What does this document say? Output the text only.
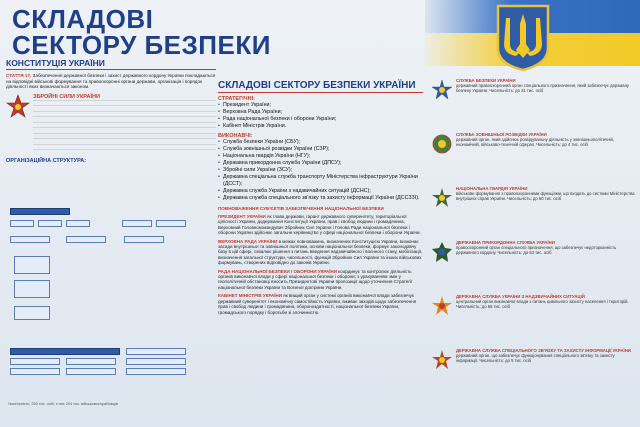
СКЛАДОВІ
СЕКТОРУ БЕЗПЕКИ
КОНСТИТУЦІЯ УКРАЇНИ
СТАТТЯ 17. Забезпечення державної безпеки і захист державного кордону України покладаються на відповідні військові формування та правоохоронні органи держави, організація і порядок діяльності яких визначаються законом.
ЗБРОЙНІ СИЛИ УКРАЇНИ
ОРГАНІЗАЦІЙНА СТРУКТУРА:
Чисельність: 250 тис. осіб, з них 204 тис. військовослужбовців
СКЛАДОВІ СЕКТОРУ БЕЗПЕКИ УКРАЇНИ
СТРАТЕГІЧНІ:
• Президент України;
• Верховна Рада України;
• Рада національної безпеки і оборони України;
• Кабінет Міністрів України.
ВИКОНАВЧІ:
• Служба безпеки України (СБУ);
• Служба зовнішньої розвідки України (СЗР);
• Національна гвардія України (НГУ);
• Державна прикордонна служба України (ДПСУ);
• Збройні сили України (ЗСУ);
• Державна спеціальна служба транспорту Міністерства інфраструктури України (ДССТ);
• Державна служба України з надзвичайних ситуацій (ДСНС);
• Державна служба спеціального зв'язку та захисту інформації України (ДССЗЗІ).
ПОВНОВАЖЕННЯ СУБ'ЄКТІВ ЗАБЕЗПЕЧЕННЯ НАЦІОНАЛЬНОЇ БЕЗПЕКИ
ПРЕЗИДЕНТ УКРАЇНИ як глава держави, гарант державного суверенітету, територіальної цілісності України, додержання Конституції України, прав і свобод людини і громадянина, Верховний Головнокомандувач Збройних Сил України і Голова Ради національної безпеки і оборони України здійснює загальне керівництво у сфері національної безпеки і оборони України.
ВЕРХОВНА РАДА УКРАЇНИ в межах повноважень, визначених Конституцією України, визначає засади внутрішньої та зовнішньої політики, основи національної безпеки, формує законодавчу базу в цій сфері, схвалює рішення з питань введення надзвичайного і воєнного стану, мобілізації, визначення загальної структури, чисельності, функцій Збройних Сил України та інших військових формувань, створених відповідно до законів України.
РАДА НАЦІОНАЛЬНОЇ БЕЗПЕКИ І ОБОРОНИ УКРАЇНИ координує та контролює діяльність органів виконавчої влади у сфері національної безпеки і оборони; з урахуванням змін у геополітичній обстановці вносить Президентові України пропозиції щодо уточнення Стратегії національної безпеки України та Воєнної доктрини України.
КАБІНЕТ МІНІСТРІВ УКРАЇНИ як вищий орган у системі органів виконавчої влади забезпечує державний суверенітет і економічну самостійність України, вживає заходів щодо забезпечення прав і свобод людини і громадянина, обороноздатності, національної безпеки України, громадського порядку і боротьби зі злочинністю.
СЛУЖБА БЕЗПЕКИ УКРАЇНИ
державний правоохоронний орган спеціального призначення, який забезпечує державну безпеку України. Чисельність: до 31 тис. осіб
СЛУЖБА ЗОВНІШНЬОЇ РОЗВІДКИ УКРАЇНИ
державний орган, який здійснює розвідувальну діяльність у зовнішньополітичній, економічній, військово-технічній сферах. Чисельність: до 4 тис. осіб
НАЦІОНАЛЬНА ГВАРДІЯ УКРАЇНИ
військове формування з правоохоронними функціями, що входить до системи Міністерства внутрішніх справ України. Чисельність: до 60 тис. осіб
ДЕРЖАВНА ПРИКОРДОННА СЛУЖБА УКРАЇНИ
правоохоронний орган спеціального призначення, що забезпечує недоторканність державного кордону. Чисельність: до 53 тис. осіб
ДЕРЖАВНА СЛУЖБА УКРАЇНИ З НАДЗВИЧАЙНИХ СИТУАЦІЙ
центральний орган виконавчої влади з питань цивільного захисту населення і територій. Чисельність: до 56 тис. осіб
ДЕРЖАВНА СЛУЖБА СПЕЦІАЛЬНОГО ЗВ'ЯЗКУ ТА ЗАХИСТУ ІНФОРМАЦІЇ УКРАЇНИ
державний орган, що забезпечує функціонування спеціального зв'язку та захисту інформації. Чисельність: до 5 тис. осіб
